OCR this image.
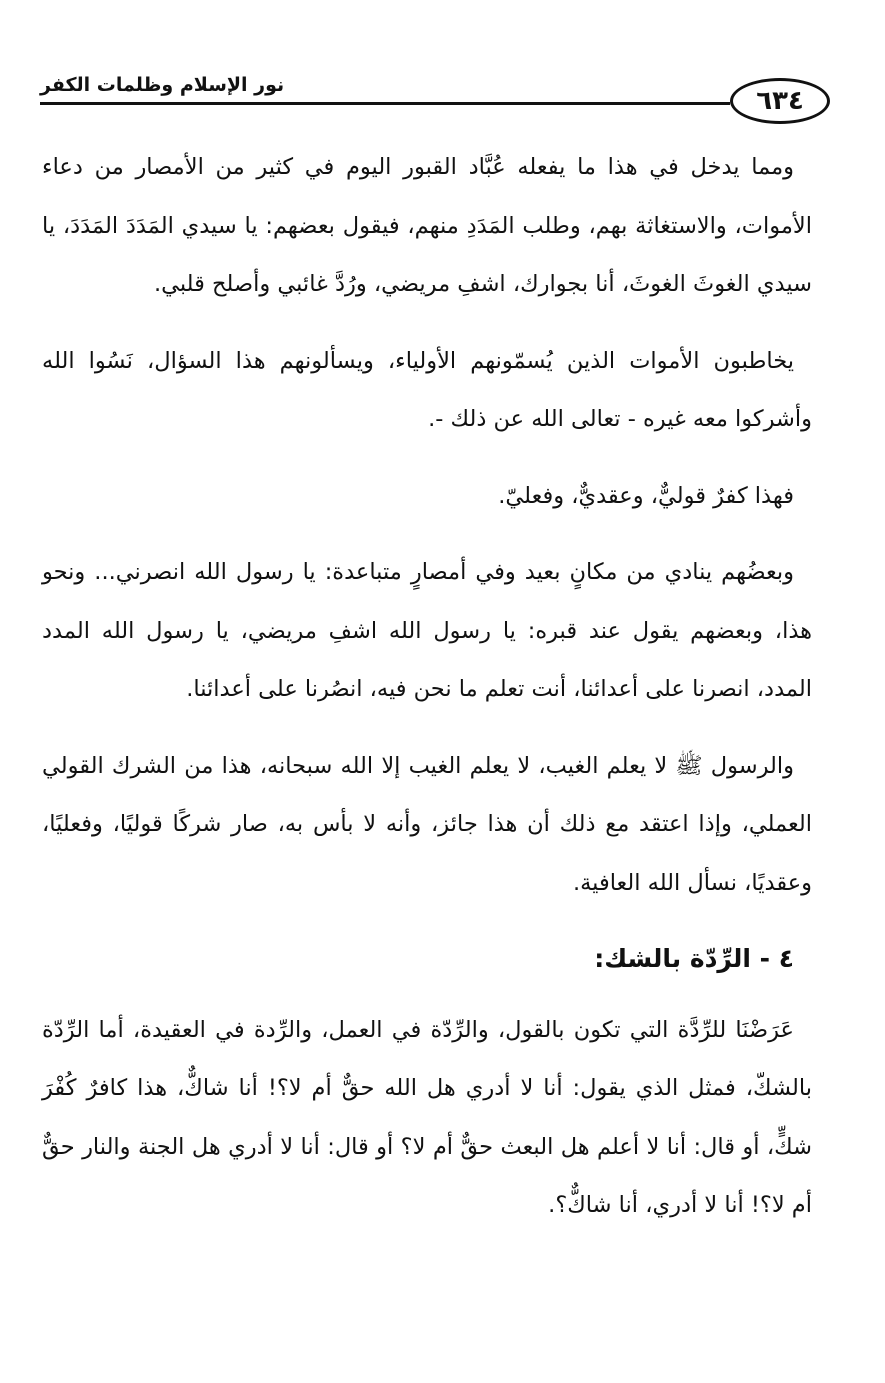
نور الإسلام وظلمات الكفر
٦٣٤

ومما يدخل في هذا ما يفعله عُبَّاد القبور اليوم في كثير من الأمصار من دعاء الأموات، والاستغاثة بهم، وطلب المَدَدِ منهم، فيقول بعضهم: يا سيدي المَدَدَ المَدَدَ، يا سيدي الغوثَ الغوثَ، أنا بجوارك، اشفِ مريضي، ورُدَّ غائبي وأصلح قلبي.

يخاطبون الأموات الذين يُسمّونهم الأولياء، ويسألونهم هذا السؤال، نَسُوا الله وأشركوا معه غيره ‑ تعالى الله عن ذلك ‑.

فهذا كفرٌ قوليٌّ، وعقديٌّ، وفعليّ.

وبعضُهم ينادي من مكانٍ بعيد وفي أمصارٍ متباعدة: يا رسول الله انصرني... ونحو هذا، وبعضهم يقول عند قبره: يا رسول الله اشفِ مريضي، يا رسول الله المدد المدد، انصرنا على أعدائنا، أنت تعلم ما نحن فيه، انصُرنا على أعدائنا.

والرسول ﷺ لا يعلم الغيب، لا يعلم الغيب إلا الله سبحانه، هذا من الشرك القولي العملي، وإذا اعتقد مع ذلك أن هذا جائز، وأنه لا بأس به، صار شركًا قوليًا، وفعليًا، وعقديًا، نسأل الله العافية.

٤ - الرِّدّة بالشك:

عَرَضْنَا للرِّدَّة التي تكون بالقول، والرِّدّة في العمل، والرِّدة في العقيدة، أما الرِّدّة بالشكّ، فمثل الذي يقول: أنا لا أدري هل الله حقٌّ أم لا؟! أنا شاكٌّ، هذا كافرٌ كُفْرَ شكٍّ، أو قال: أنا لا أعلم هل البعث حقٌّ أم لا؟ أو قال: أنا لا أدري هل الجنة والنار حقٌّ أم لا؟! أنا لا أدري، أنا شاكٌّ؟.
